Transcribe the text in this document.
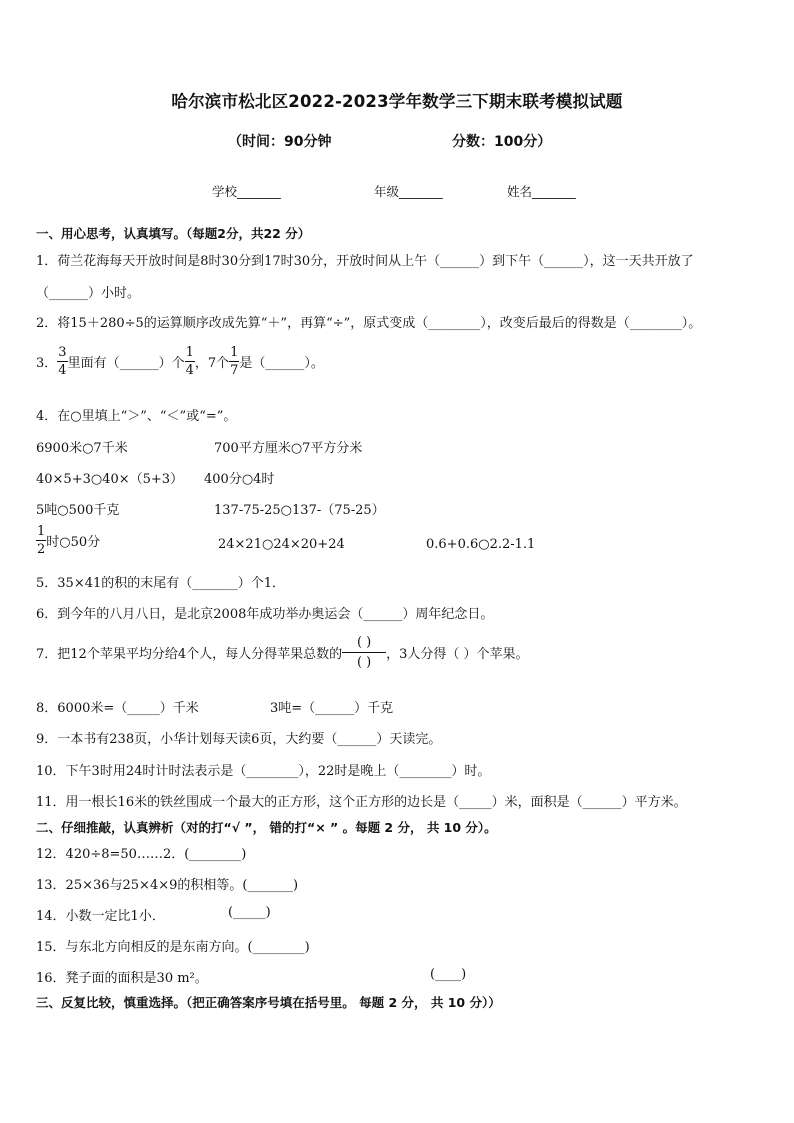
哈尔滨市松北区2022-2023学年数学三下期末联考模拟试题
（时间：90分钟	分数：100分）
学校_______	年级_______	姓名_______
一、用心思考，认真填写。（每题2分，共22 分）
1．荷兰花海每天开放时间是8时30分到17时30分，开放时间从上午（______）到下午（______），这一天共开放了
（______）小时。
2．将15＋280÷5的运算顺序改成先算“＋”，再算“÷”，原式变成（________），改变后最后的得数是（________）。
3． $\frac{3}{4}$ 里面有（______）个 $\frac{1}{4}$ ，7个 $\frac{1}{7}$ 是（______）。
4．在○里填上“＞”、“＜”或“=”。
6900米○7千米	700平方厘米○7平方分米
40×5+3○40×（5+3） 400分○4时
5吨○500千克	137-75-25○137-（75-25）
$\frac{1}{2}$ 时○50分	24×21○24×20+24	0.6+0.6○2.2-1.1
5．35×41的积的末尾有（_______）个1．
6．到今年的八月八日，是北京2008年成功举办奥运会（______）周年纪念日。
7．把12个苹果平均分给4个人，每人分得苹果总数的
( )
( )
，3人分得（ ）个苹果。
8．6000米=（_____）千米	3吨=（______）千克
9．一本书有238页，小华计划每天读6页，大约要（______）天读完。
10．下午3时用24时计时法表示是（________），22时是晚上（________）时。
11．用一根长16米的铁丝围成一个最大的正方形，这个正方形的边长是（_____）米，面积是（______）平方米。
二、仔细推敲，认真辨析（对的打“√ ”， 错的打“× ” 。每题 2 分， 共 10 分）。
12．420÷8=50……2．(________)
13．25×36与25×4×9的积相等。(_______)
14．小数一定比1小．	(_____)
15．与东北方向相反的是东南方向。(________)
16．凳子面的面积是30 m²。	(____)
三、反复比较，慎重选择。（把正确答案序号填在括号里。 每题 2 分， 共 10 分））
